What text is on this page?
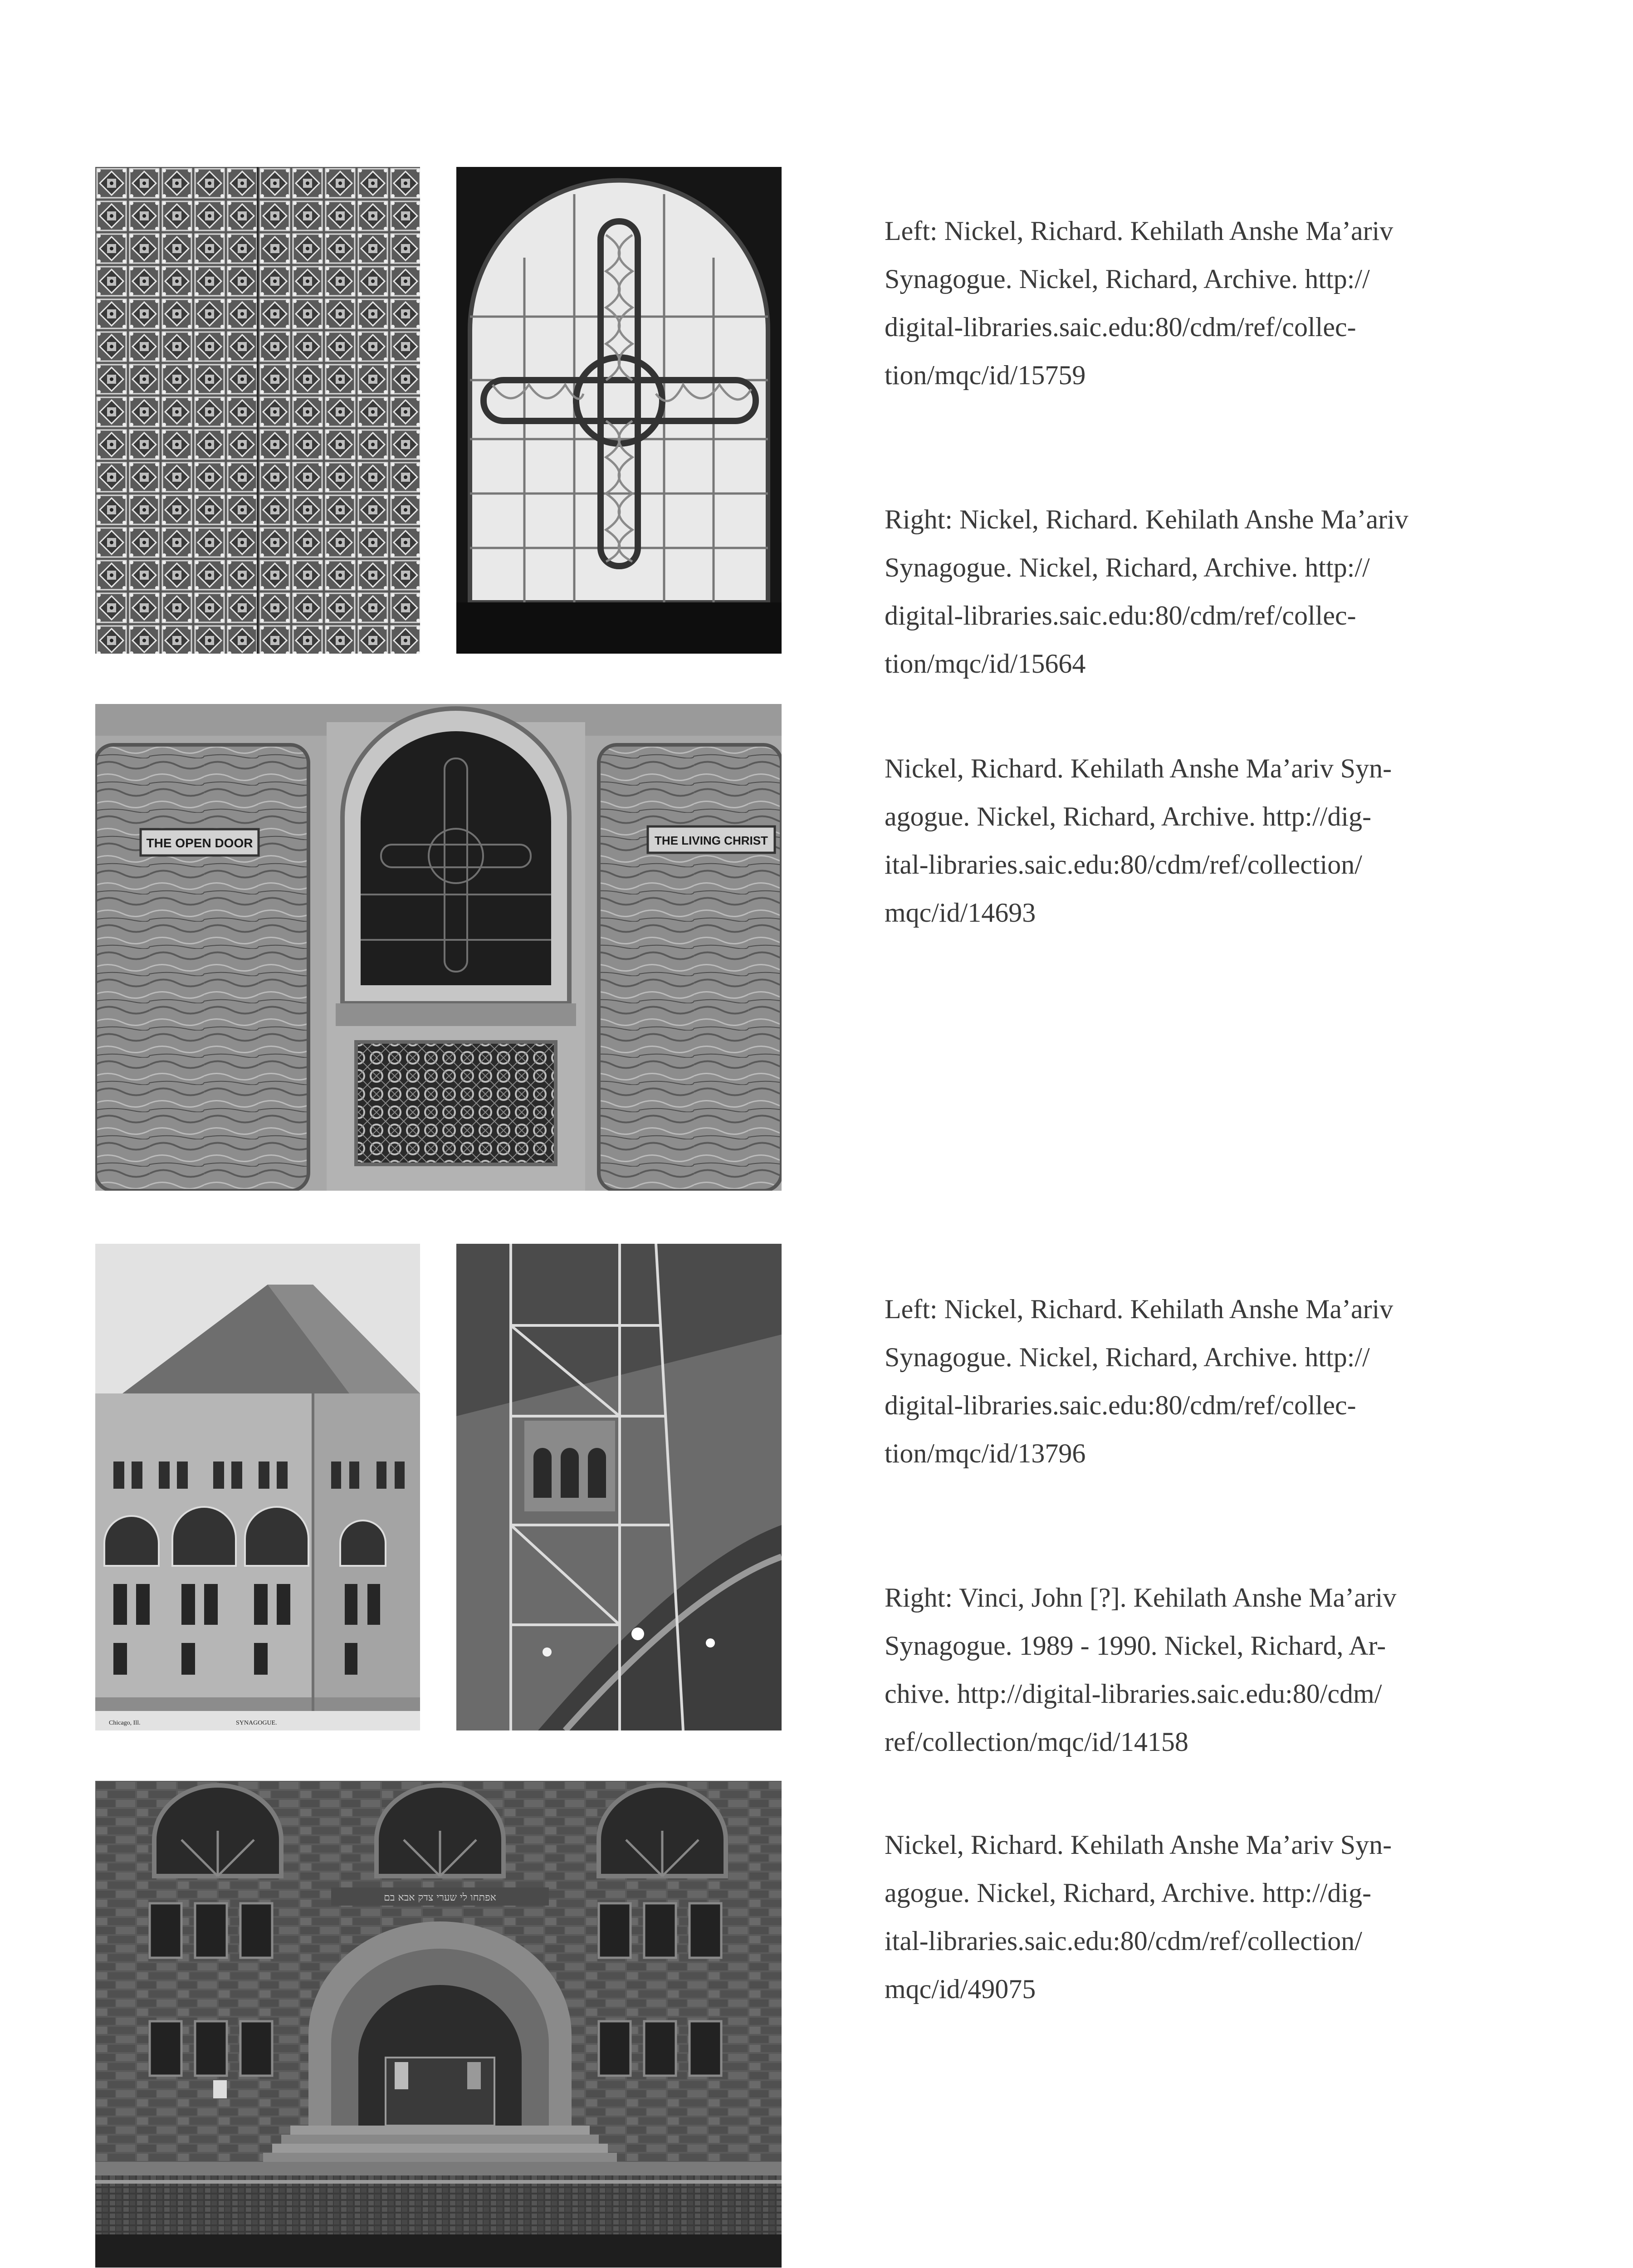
THE OPEN DOOR	THE LIVING CHRIST
Chicago, Ill.	SYNAGOGUE.
אפתחו לי שערי צדק אבא בם

Left: Nickel, Richard. Kehilath Anshe Ma’ariv
Synagogue. Nickel, Richard, Archive. http://
digital-libraries.saic.edu:80/cdm/ref/collec-
tion/mqc/id/15759

Right: Nickel, Richard. Kehilath Anshe Ma’ariv
Synagogue. Nickel, Richard, Archive. http://
digital-libraries.saic.edu:80/cdm/ref/collec-
tion/mqc/id/15664

Nickel, Richard. Kehilath Anshe Ma’ariv Syn-
agogue. Nickel, Richard, Archive. http://dig-
ital-libraries.saic.edu:80/cdm/ref/collection/
mqc/id/14693

Left: Nickel, Richard. Kehilath Anshe Ma’ariv
Synagogue. Nickel, Richard, Archive. http://
digital-libraries.saic.edu:80/cdm/ref/collec-
tion/mqc/id/13796

Right: Vinci, John [?]. Kehilath Anshe Ma’ariv
Synagogue. 1989 - 1990. Nickel, Richard, Ar-
chive. http://digital-libraries.saic.edu:80/cdm/
ref/collection/mqc/id/14158

Nickel, Richard. Kehilath Anshe Ma’ariv Syn-
agogue. Nickel, Richard, Archive. http://dig-
ital-libraries.saic.edu:80/cdm/ref/collection/
mqc/id/49075
